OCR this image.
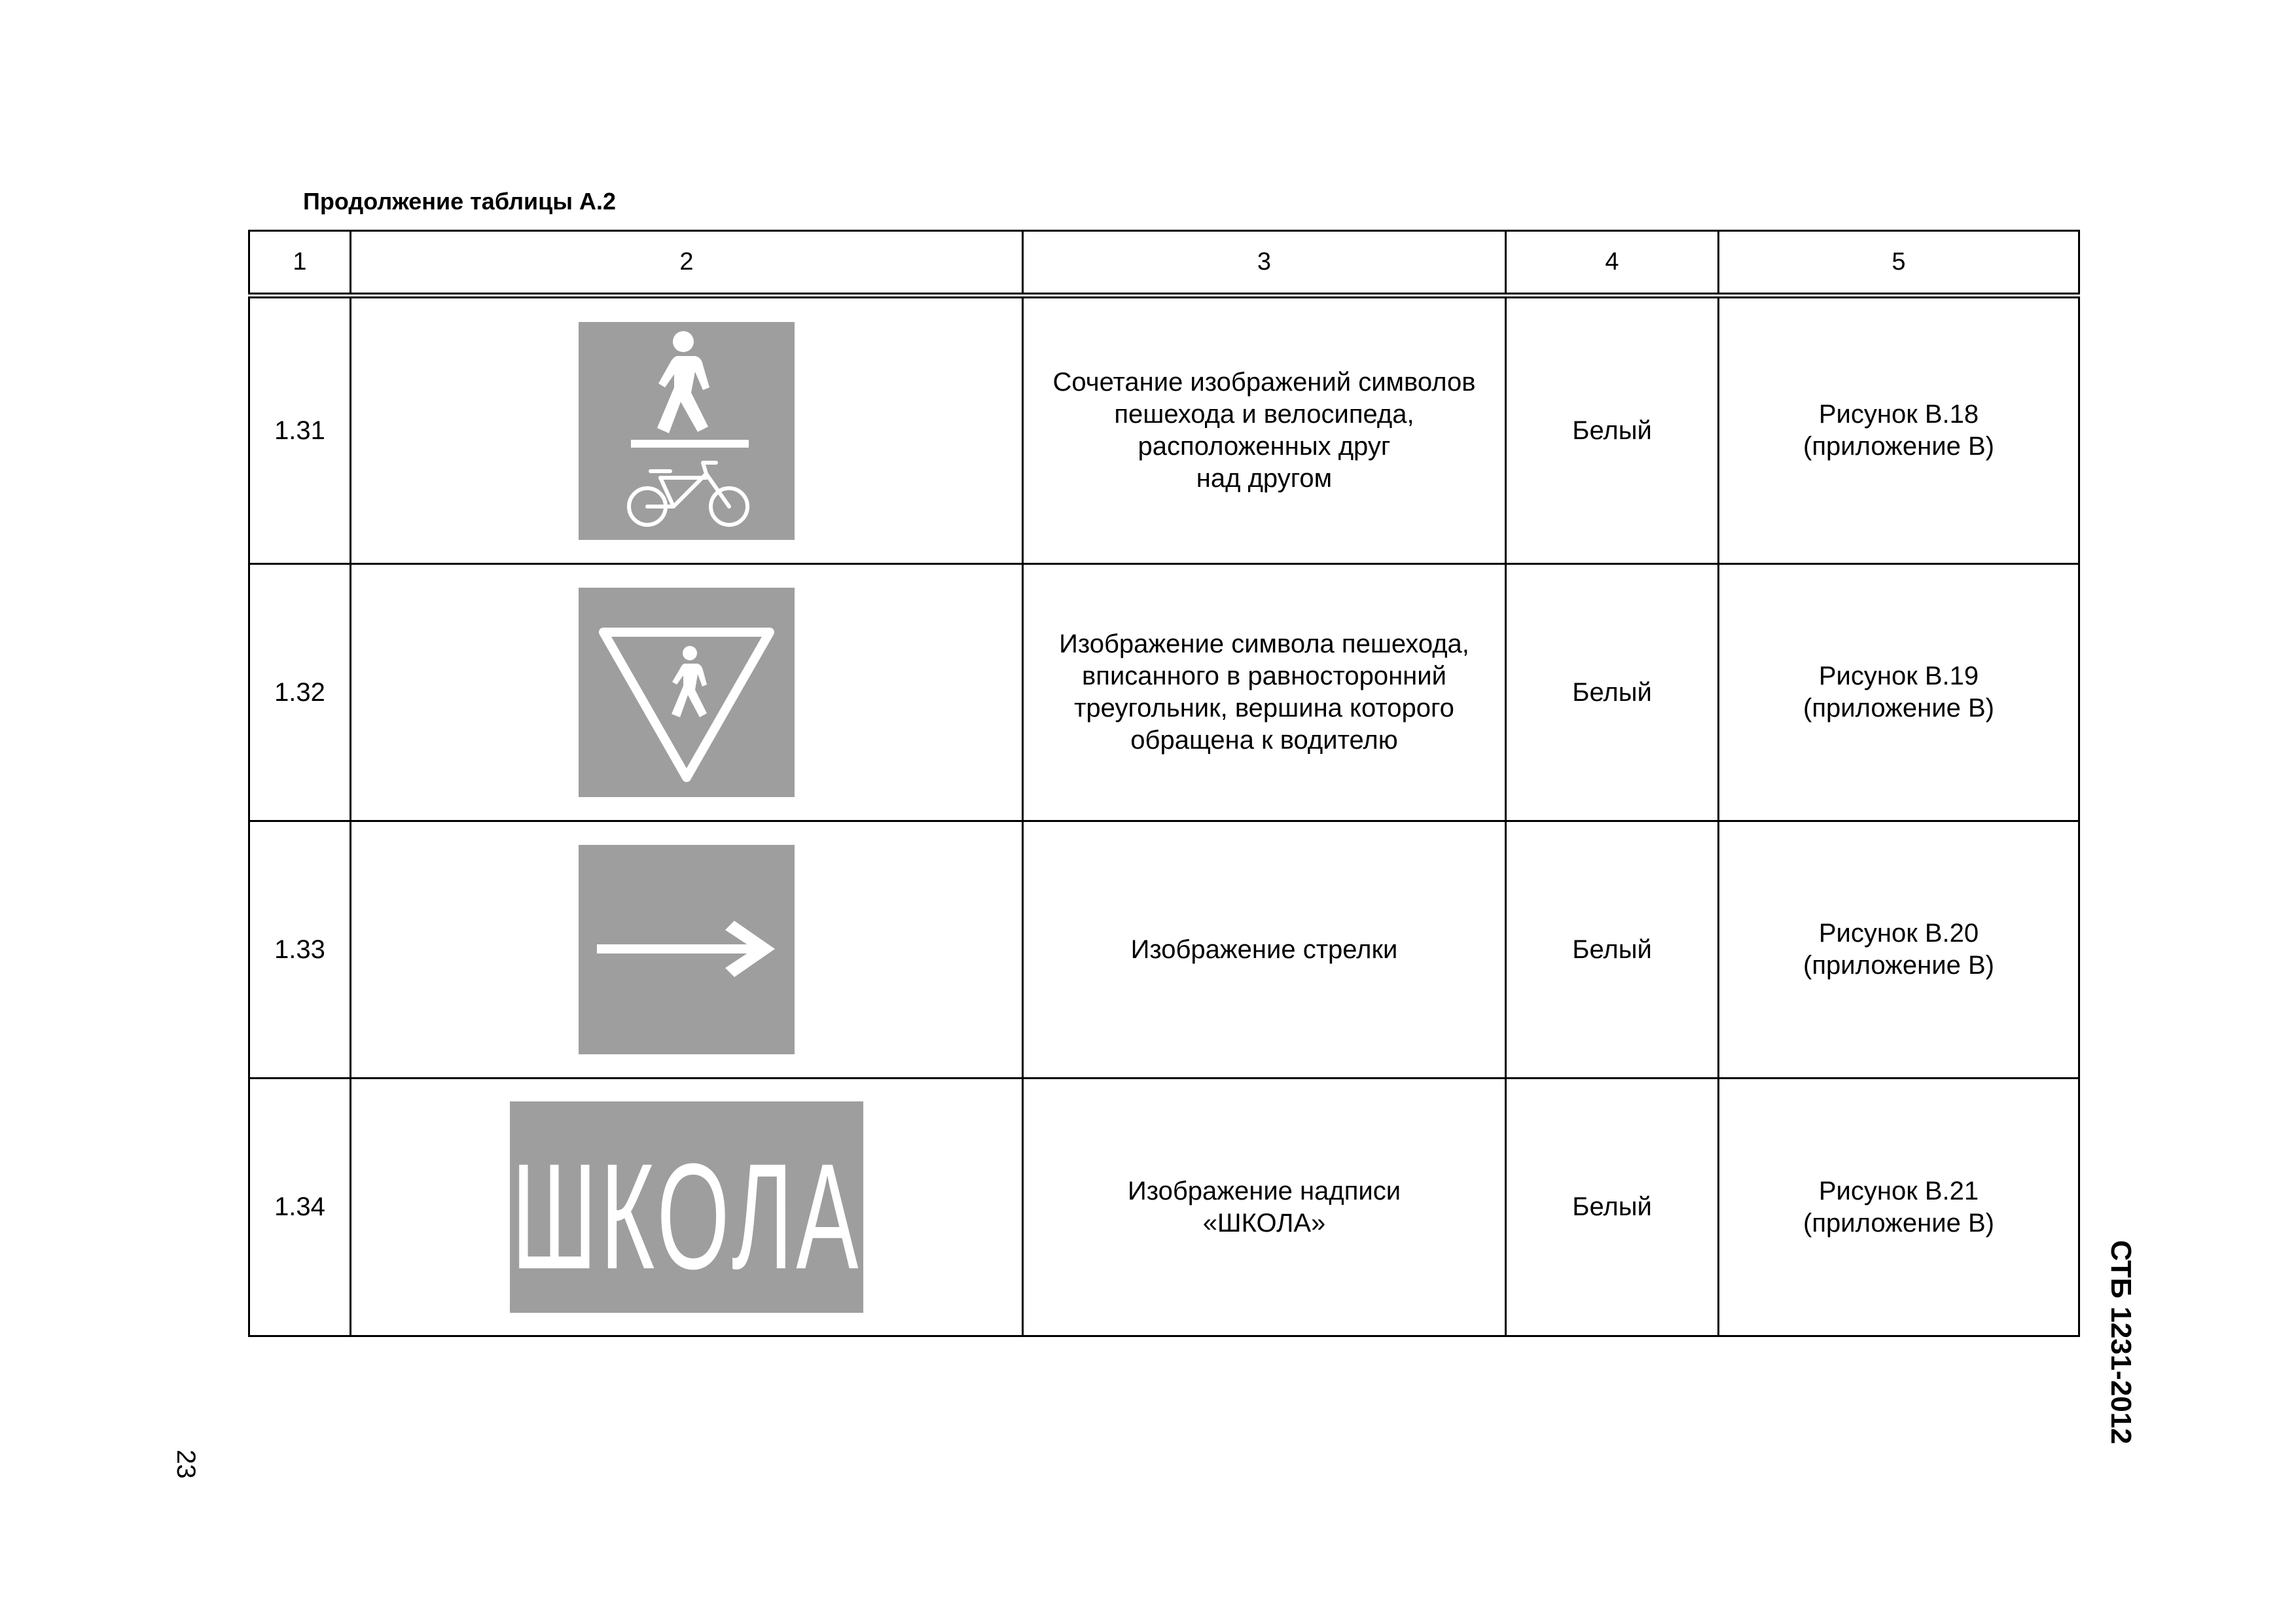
Продолжение таблицы А.2
1	2	3	4	5
1.31		Сочетание изображений символов
пешехода и велосипеда,
расположенных друг
над другом	Белый	Рисунок В.18
(приложение В)

1.32		Изображение символа пешехода,
вписанного в равносторонний
треугольник, вершина которого
обращена к водителю	Белый	Рисунок В.19
(приложение В)

1.33		Изображение стрелки	Белый	Рисунок В.20
(приложение В)

1.34	ШКОЛА	Изображение надписи
«ШКОЛА»	Белый	Рисунок В.21
(приложение В)
СТБ 1231-2012
23
